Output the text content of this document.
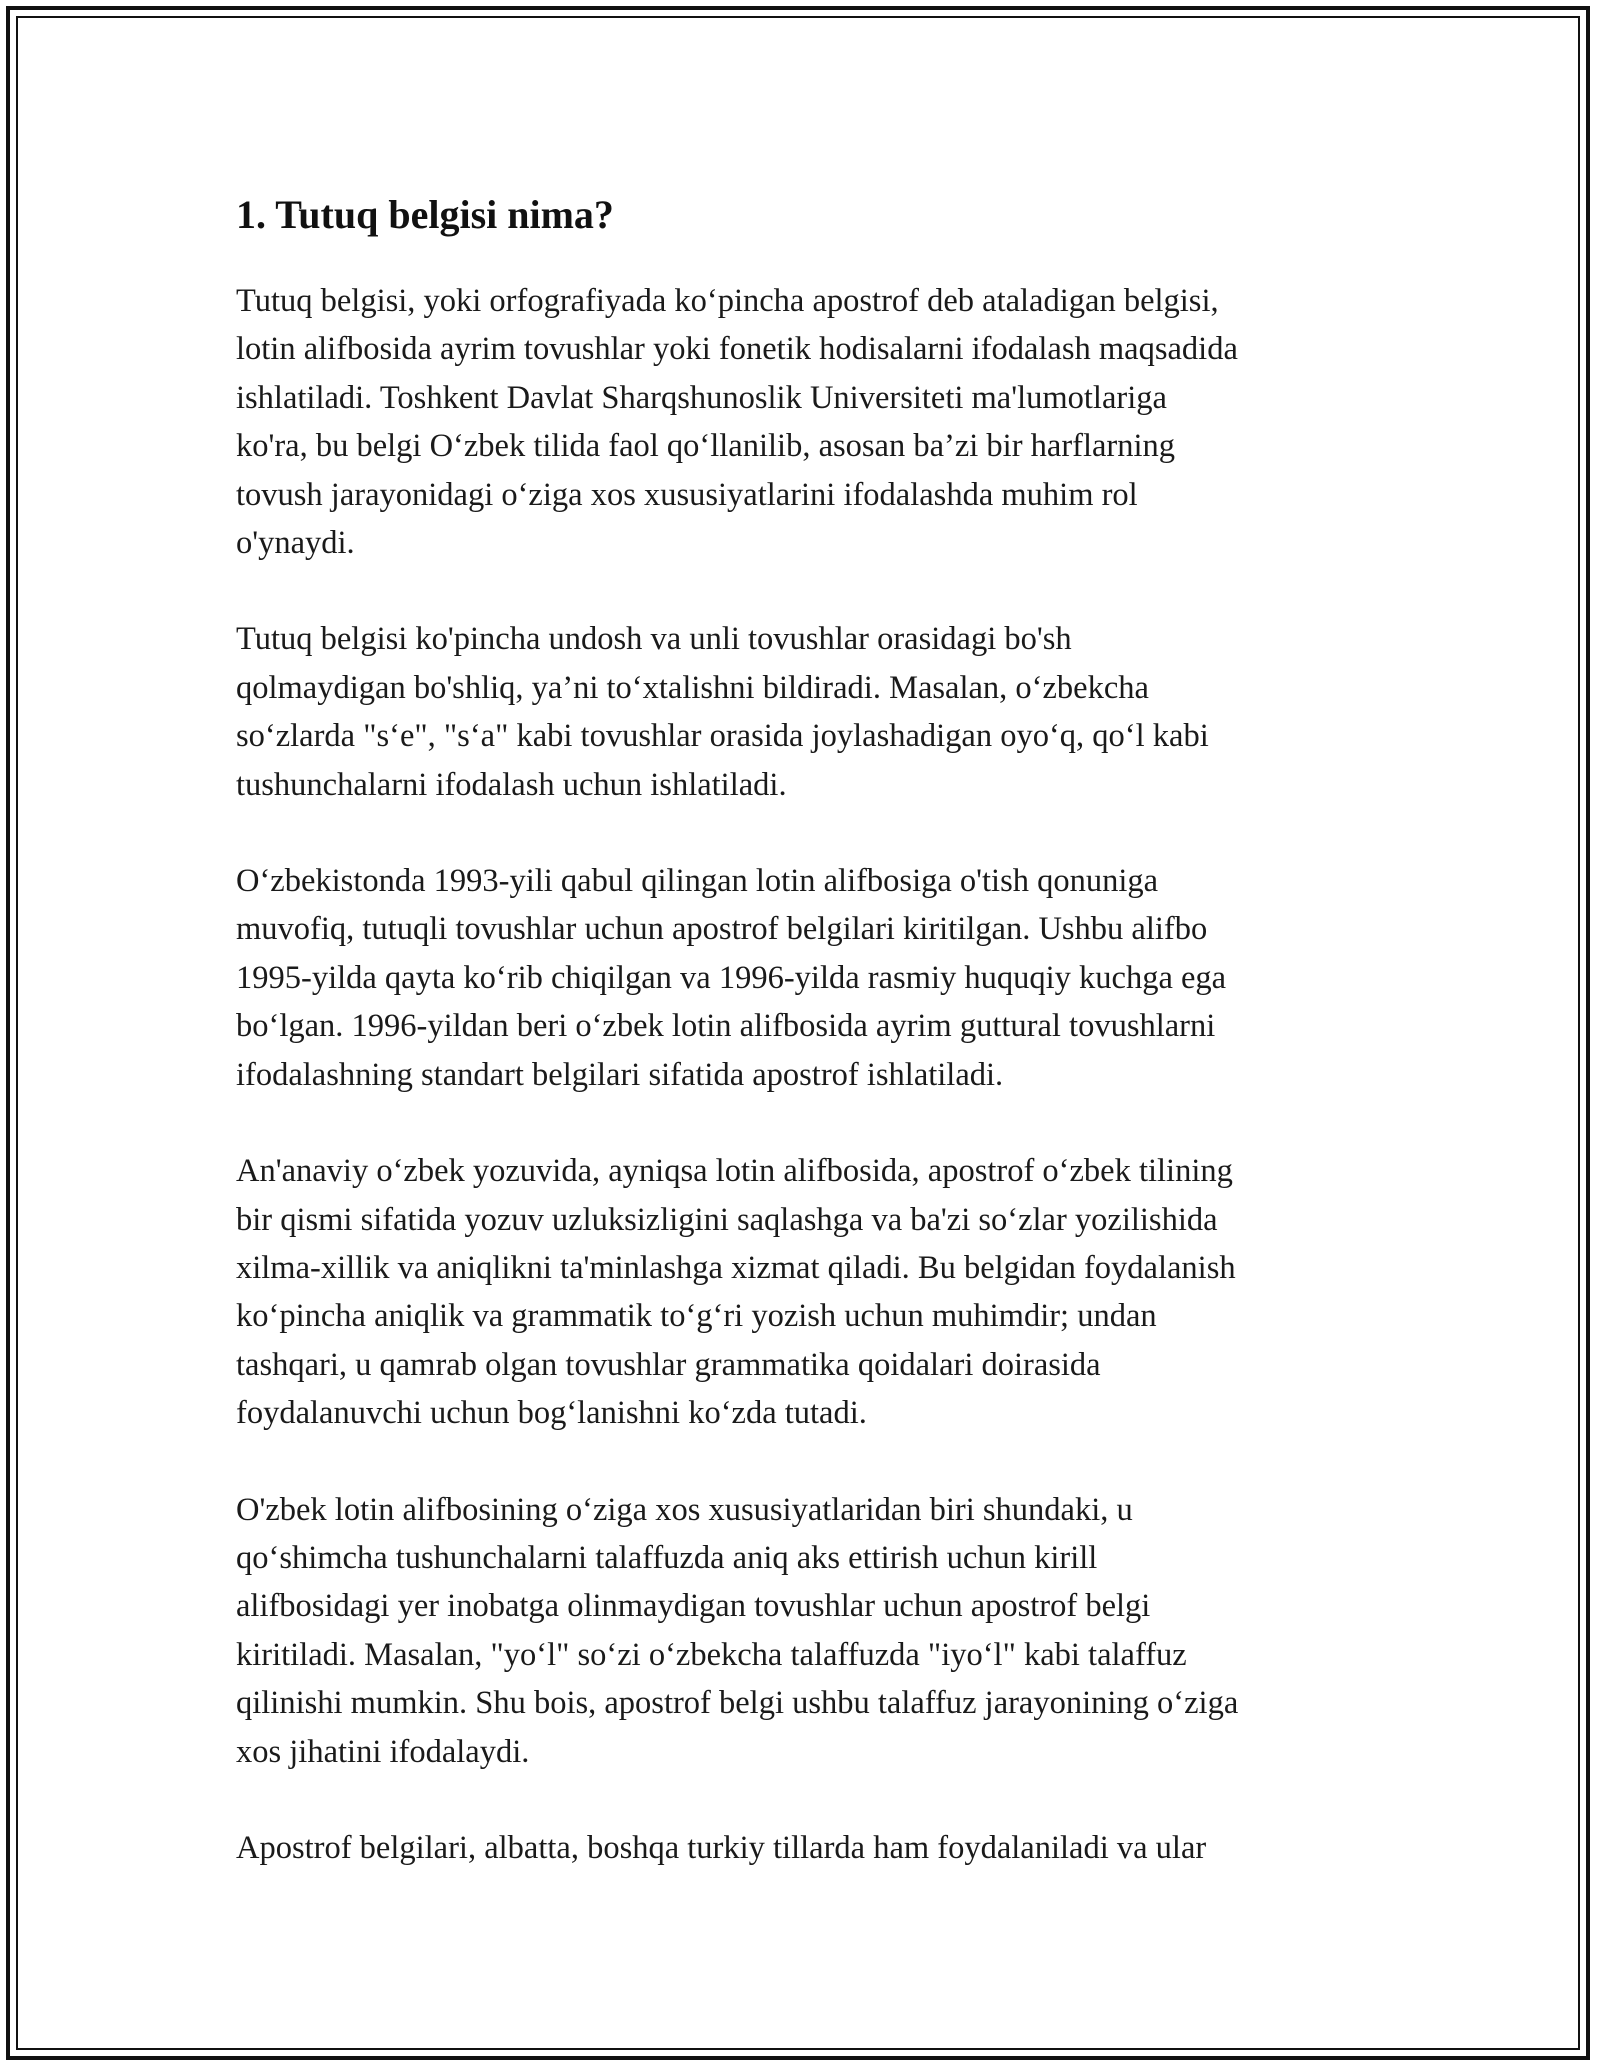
1. Tutuq belgisi nima?

Tutuq belgisi, yoki orfografiyada ko‘pincha apostrof deb ataladigan belgisi,
lotin alifbosida ayrim tovushlar yoki fonetik hodisalarni ifodalash maqsadida
ishlatiladi. Toshkent Davlat Sharqshunoslik Universiteti ma'lumotlariga
ko'ra, bu belgi O‘zbek tilida faol qo‘llanilib, asosan ba’zi bir harflarning
tovush jarayonidagi o‘ziga xos xususiyatlarini ifodalashda muhim rol
o'ynaydi.

Tutuq belgisi ko'pincha undosh va unli tovushlar orasidagi bo'sh
qolmaydigan bo'shliq, ya’ni to‘xtalishni bildiradi. Masalan, o‘zbekcha
so‘zlarda "s‘e", "s‘a" kabi tovushlar orasida joylashadigan oyo‘q, qo‘l kabi
tushunchalarni ifodalash uchun ishlatiladi.

O‘zbekistonda 1993-yili qabul qilingan lotin alifbosiga o'tish qonuniga
muvofiq, tutuqli tovushlar uchun apostrof belgilari kiritilgan. Ushbu alifbo
1995-yilda qayta ko‘rib chiqilgan va 1996-yilda rasmiy huquqiy kuchga ega
bo‘lgan. 1996-yildan beri o‘zbek lotin alifbosida ayrim guttural tovushlarni
ifodalashning standart belgilari sifatida apostrof ishlatiladi.

An'anaviy o‘zbek yozuvida, ayniqsa lotin alifbosida, apostrof o‘zbek tilining
bir qismi sifatida yozuv uzluksizligini saqlashga va ba'zi so‘zlar yozilishida
xilma-xillik va aniqlikni ta'minlashga xizmat qiladi. Bu belgidan foydalanish
ko‘pincha aniqlik va grammatik to‘g‘ri yozish uchun muhimdir; undan
tashqari, u qamrab olgan tovushlar grammatika qoidalari doirasida
foydalanuvchi uchun bog‘lanishni ko‘zda tutadi.

O'zbek lotin alifbosining o‘ziga xos xususiyatlaridan biri shundaki, u
qo‘shimcha tushunchalarni talaffuzda aniq aks ettirish uchun kirill
alifbosidagi yer inobatga olinmaydigan tovushlar uchun apostrof belgi
kiritiladi. Masalan, "yo‘l" so‘zi o‘zbekcha talaffuzda "iyo‘l" kabi talaffuz
qilinishi mumkin. Shu bois, apostrof belgi ushbu talaffuz jarayonining o‘ziga
xos jihatini ifodalaydi.

Apostrof belgilari, albatta, boshqa turkiy tillarda ham foydalaniladi va ular
